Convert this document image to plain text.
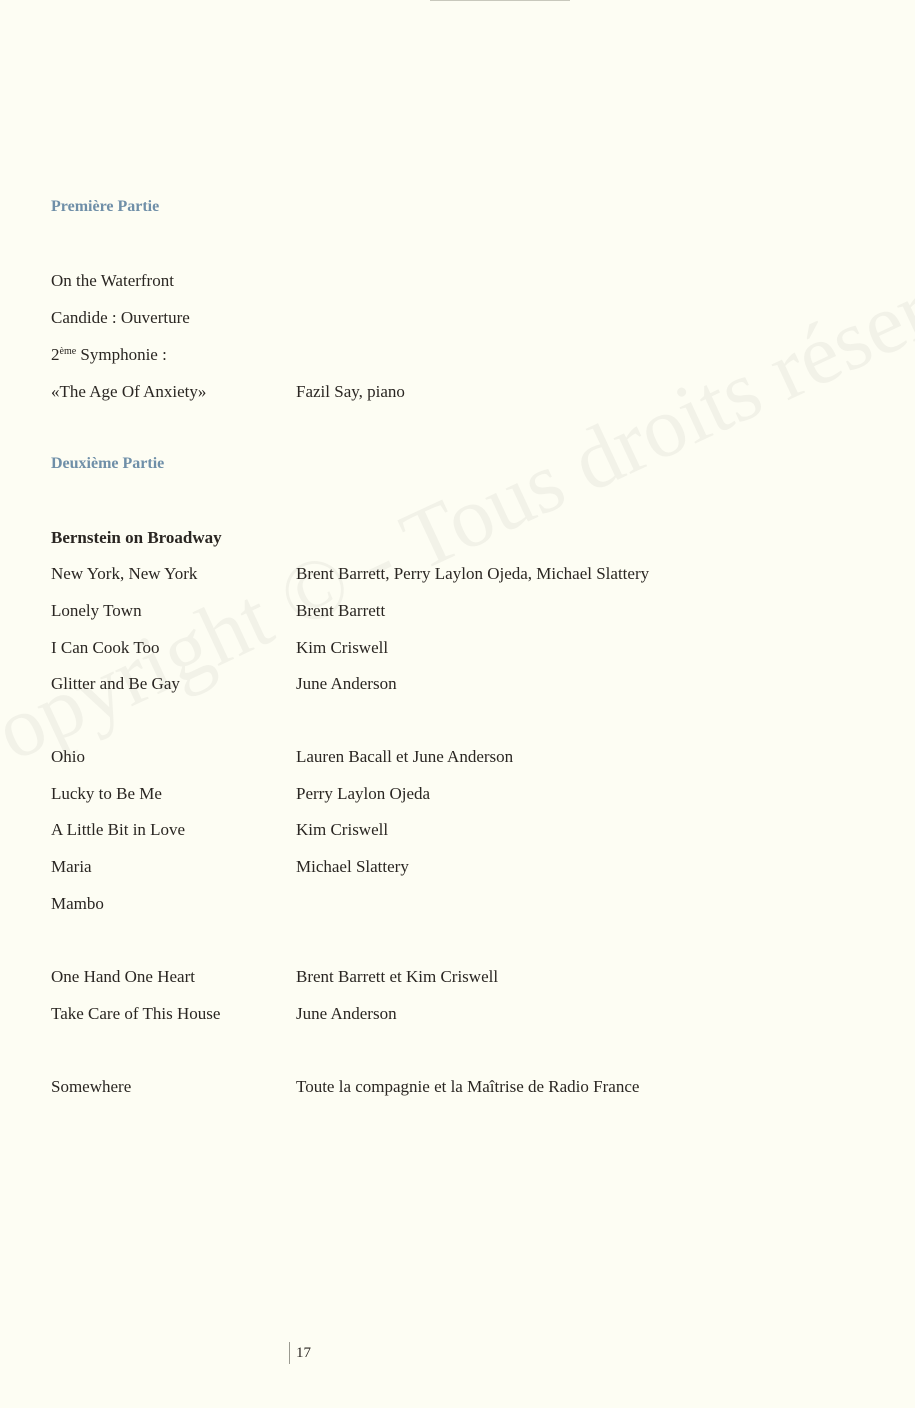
Première Partie
On the Waterfront
Candide : Ouverture
2ème Symphonie :
«The Age Of Anxiety»	Fazil Say, piano
Deuxième Partie
Bernstein on Broadway
New York, New York	Brent Barrett, Perry Laylon Ojeda, Michael Slattery
Lonely Town	Brent Barrett
I Can Cook Too	Kim Criswell
Glitter and Be Gay	June Anderson
Ohio	Lauren Bacall et June Anderson
Lucky to Be Me	Perry Laylon Ojeda
A Little Bit in Love	Kim Criswell
Maria	Michael Slattery
Mambo
One Hand One Heart	Brent Barrett et Kim Criswell
Take Care of This House	June Anderson
Somewhere	Toute la compagnie et la Maîtrise de Radio France
17
